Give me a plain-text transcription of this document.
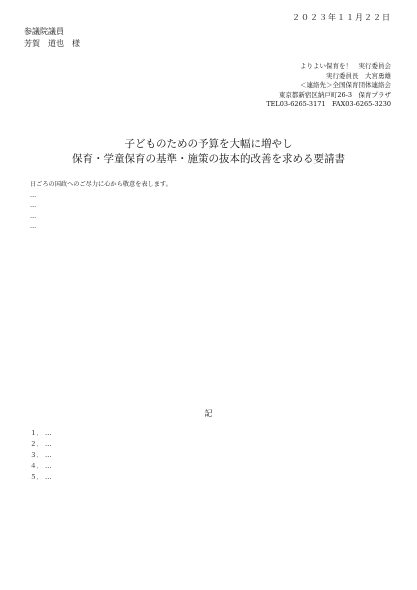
２０２３年１１月２２日
参議院議員
芳賀　道也　様
よりよい保育を！　実行委員会
実行委員長　大宮勇雄
＜連絡先＞全国保育団体連絡会
東京都新宿区納戸町26-3　保育プラザ
TEL03-6265-3171　FAX03-6265-3230
子どものための予算を大幅に増やし
保育・学童保育の基準・施策の抜本的改善を求める要請書

日ごろの国政へのご尽力に心から敬意を表します。

…

…

…

…

記
１． …
２． …
３． …
４． …
５． …
